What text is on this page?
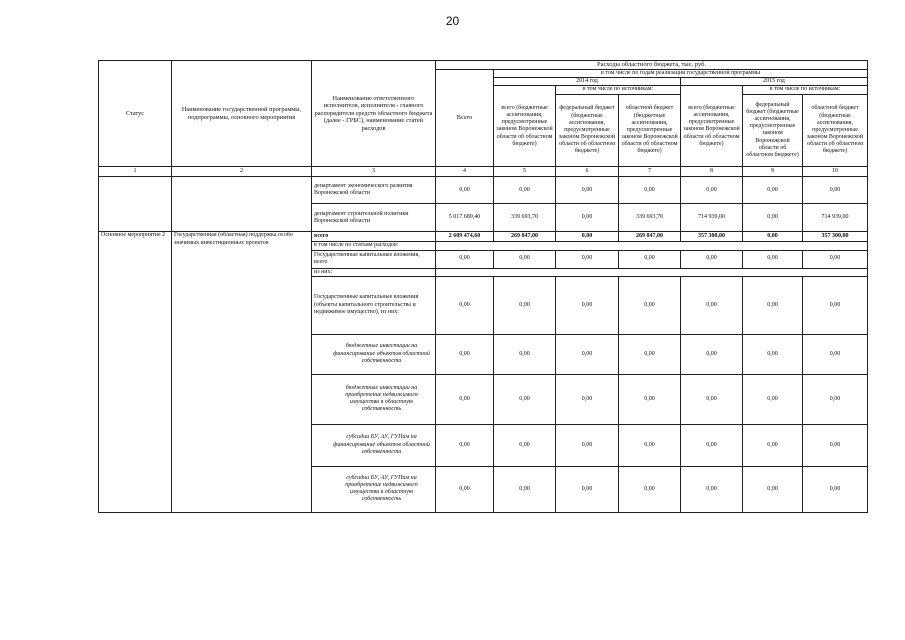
20
Статус	Наименование государственной программы, подпрограммы, основного мероприятия	Наименование ответственного исполнителя, исполнителя - главного распорядителя средств областного бюджета (далее - ГРБС), наименование статей расходов	Расходы областного бюджета, тыс. руб.						
			Всего	в том числе по годам реализации государственной программы					
				2014 год			2015 год		
				всего (бюджетные ассигнования, предусмотренные законом Воронежской области об областном бюджете)	в том числе по источникам:		всего (бюджетные ассигнования, предусмотренные законом Воронежской области об областном бюджете)	в том числе по источникам:	
					федеральный бюджет (бюджетные ассигнования, предусмотренные законом Воронежской области об областном бюджете)	областной бюджет (бюджетные ассигнования, предусмотренные законом Воронежской области об областном бюджете)		федеральный бюджет (бюджетные ассигнования, предусмотренные законом Воронежской области об областном бюджете)	областной бюджет (бюджетные ассигнования, предусмотренные законом Воронежской области об областном бюджете)
1	2	3	4	5	6	7	8	9	10
		департамент экономического развития Воронежской области	0,00	0,00	0,00	0,00	0,00	0,00	0,00
		департамент строительной политики Воронежской области	5 017 680,40	339 693,70	0,00	339 693,70	714 939,00	0,00	714 939,00
Основное мероприятие 2	Государственная (областная) поддержка особо значимых инвестиционных проектов	всего	2 609 474,60	269 847,00	0,00	269 847,00	357 300,00	0,00	357 300,00
		в том числе по статьям расходов:							
		Государственные капитальные вложения, всего	0,00	0,00	0,00	0,00	0,00	0,00	0,00
		из них:							
		Государственные капитальные вложения (объекты капитального строительства и недвижимое имущество), из них:	0,00	0,00	0,00	0,00	0,00	0,00	0,00
		бюджетные инвестиции на финансирование объектов областной собственности	0,00	0,00	0,00	0,00	0,00	0,00	0,00
		бюджетные инвестиции на приобретение недвижимого имущества в областную собственность	0,00	0,00	0,00	0,00	0,00	0,00	0,00
		субсидии БУ, АУ, ГУПам на финансирование объектов областной собственности	0,00	0,00	0,00	0,00	0,00	0,00	0,00
		субсидии БУ, АУ, ГУПам на приобретение недвижимого имущества в областную собственность	0,00	0,00	0,00	0,00	0,00	0,00	0,00
